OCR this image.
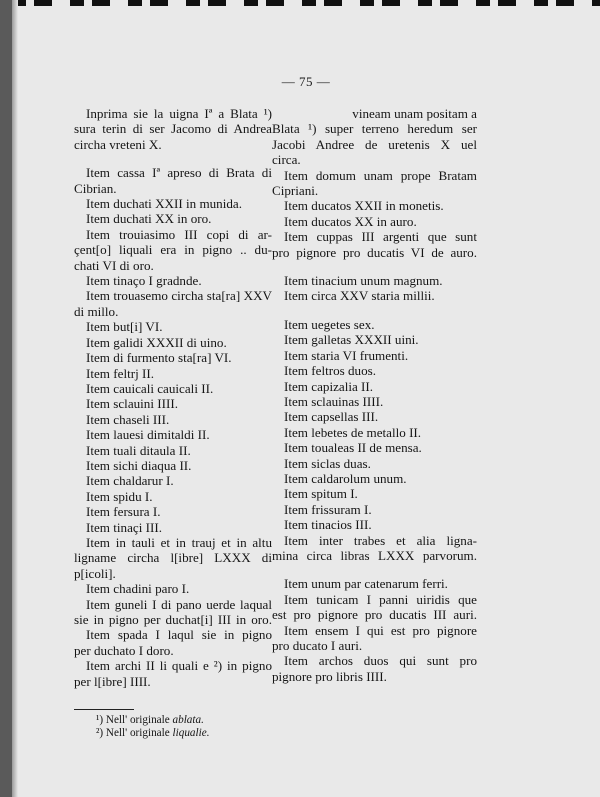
— 75 —
Inprima sie la uigna Iª a Blata ¹)
sura terin di ser Jacomo di Andrea
circha vreteni X.
Item cassa Iª apreso di Brata di
Cibrian.
Item duchati XXII in munida.
Item duchati XX in oro.
Item trouiasimo III copi di ar-
çent[o] liquali era in pigno .. du-
chati VI di oro.
Item tinaço I gradnde.
Item trouasemo circha sta[ra] XXV
di millo.
Item but[i] VI.
Item galidi XXXII di uino.
Item di furmento sta[ra] VI.
Item feltrj II.
Item cauicali cauicali II.
Item sclauini IIII.
Item chaseli III.
Item lauesi dimitaldi II.
Item tuali ditaula II.
Item sichi diaqua II.
Item chaldarur I.
Item spidu I.
Item fersura I.
Item tinaçi III.
Item in tauli et in trauj et in altu
ligname circha l[ibre] LXXX di
p[icoli].
Item chadini paro I.
Item guneli I di pano uerde laqual
sie in pigno per duchat[i] III in oro.
Item spada I laqul sie in pigno
per duchato I doro.
Item archi II li quali e ²) in pigno
per l[ibre] IIII.
vineam unam positam a
Blata ¹) super terreno heredum ser
Jacobi Andree de uretenis X uel
circa.
Item domum unam prope Bratam
Cipriani.
Item ducatos XXII in monetis.
Item ducatos XX in auro.
Item cuppas III argenti que sunt
pro pignore pro ducatis VI de auro.
Item tinacium unum magnum.
Item circa XXV staria millii.
Item uegetes sex.
Item galletas XXXII uini.
Item staria VI frumenti.
Item feltros duos.
Item capizalia II.
Item sclauinas IIII.
Item capsellas III.
Item lebetes de metallo II.
Item toualeas II de mensa.
Item siclas duas.
Item caldarolum unum.
Item spitum I.
Item frissuram I.
Item tinacios III.
Item inter trabes et alia ligna-
mina circa libras LXXX parvorum.
Item unum par catenarum ferri.
Item tunicam I panni uiridis que
est pro pignore pro ducatis III auri.
Item ensem I qui est pro pignore
pro ducato I auri.
Item archos duos qui sunt pro
pignore pro libris IIII.
¹) Nell' originale ablata.
²) Nell' originale liqualie.
